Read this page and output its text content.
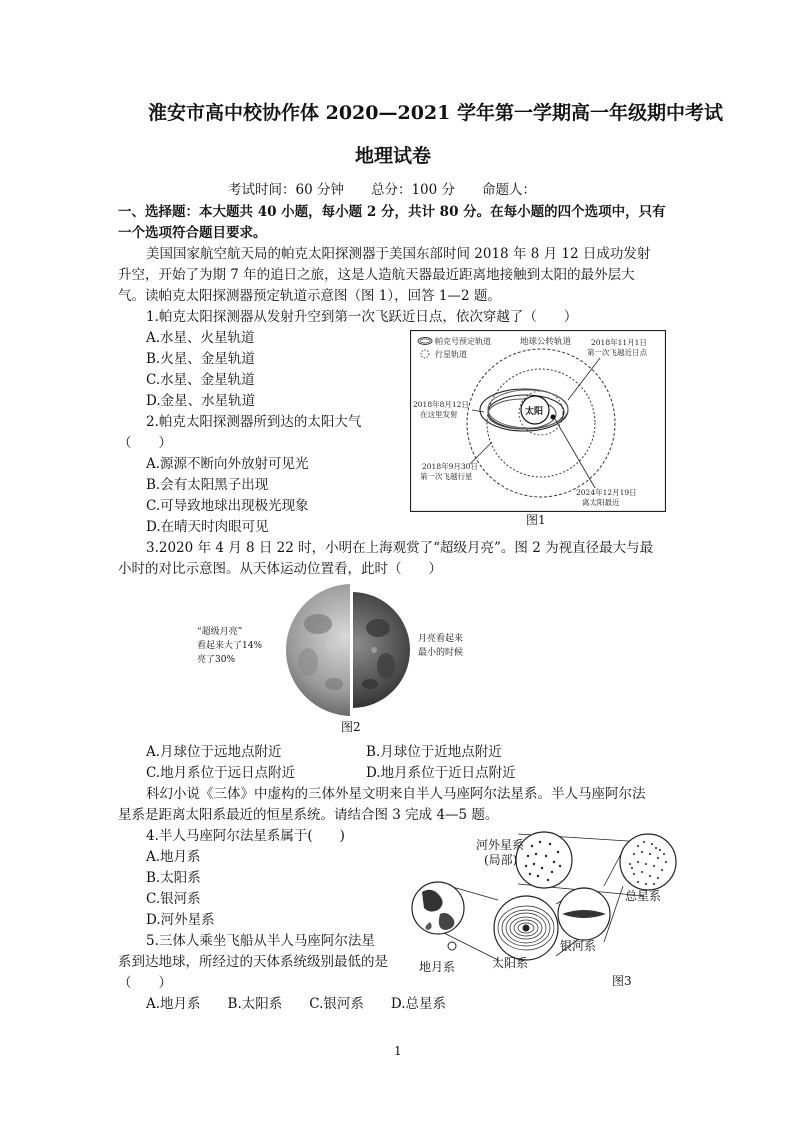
淮安市高中校协作体 2020—2021 学年第一学期高一年级期中考试
地理试卷
考试时间：60 分钟　　总分：100 分　　命题人：
一、选择题：本大题共 40 小题，每小题 2 分，共计 80 分。在每小题的四个选项中，只有
一个选项符合题目要求。
美国国家航空航天局的帕克太阳探测器于美国东部时间 2018 年 8 月 12 日成功发射
升空，开始了为期 7 年的追日之旅，这是人造航天器最近距离地接触到太阳的最外层大
气。读帕克太阳探测器预定轨道示意图（图 1），回答 1—2 题。
1.帕克太阳探测器从发射升空到第一次飞跃近日点，依次穿越了（　　）
A.水星、火星轨道
B.火星、金星轨道
C.水星、金星轨道
D.金星、水星轨道
2.帕克太阳探测器所到达的太阳大气
（　　）
A.源源不断向外放射可见光
B.会有太阳黑子出现
C.可导致地球出现极光现象
D.在晴天时肉眼可见
帕克号预定轨道
行星轨道
太阳
地球公转轨道	2018年11月1日
第一次飞越近日点
2018年8月12日
在这里发射
2018年9月30日
第一次飞越行星
2024年12月19日
离太阳最近
图1
3.2020 年 4 月 8 日 22 时，小明在上海观赏了“超级月亮”。图 2 为视直径最大与最
小时的对比示意图。从天体运动位置看，此时（　　）
“超级月亮”
看起来大了14%
亮了30%
月亮看起来
最小的时候
图2
A.月球位于远地点附近	B.月球位于近地点附近
C.地月系位于远日点附近	D.地月系位于近日点附近
科幻小说《三体》中虚构的三体外星文明来自半人马座阿尔法星系。半人马座阿尔法
星系是距离太阳系最近的恒星系统。请结合图 3 完成 4—5 题。
4.半人马座阿尔法星系属于(　　)
A.地月系
B.太阳系
C.银河系
D.河外星系
5.三体人乘坐飞船从半人马座阿尔法星
系到达地球，所经过的天体系统级别最低的是
（　　）
A.地月系　　B.太阳系　　C.银河系　　D.总星系
河外星系
(局部)
总星系
银河系
太阳系
地月系
图3
1
